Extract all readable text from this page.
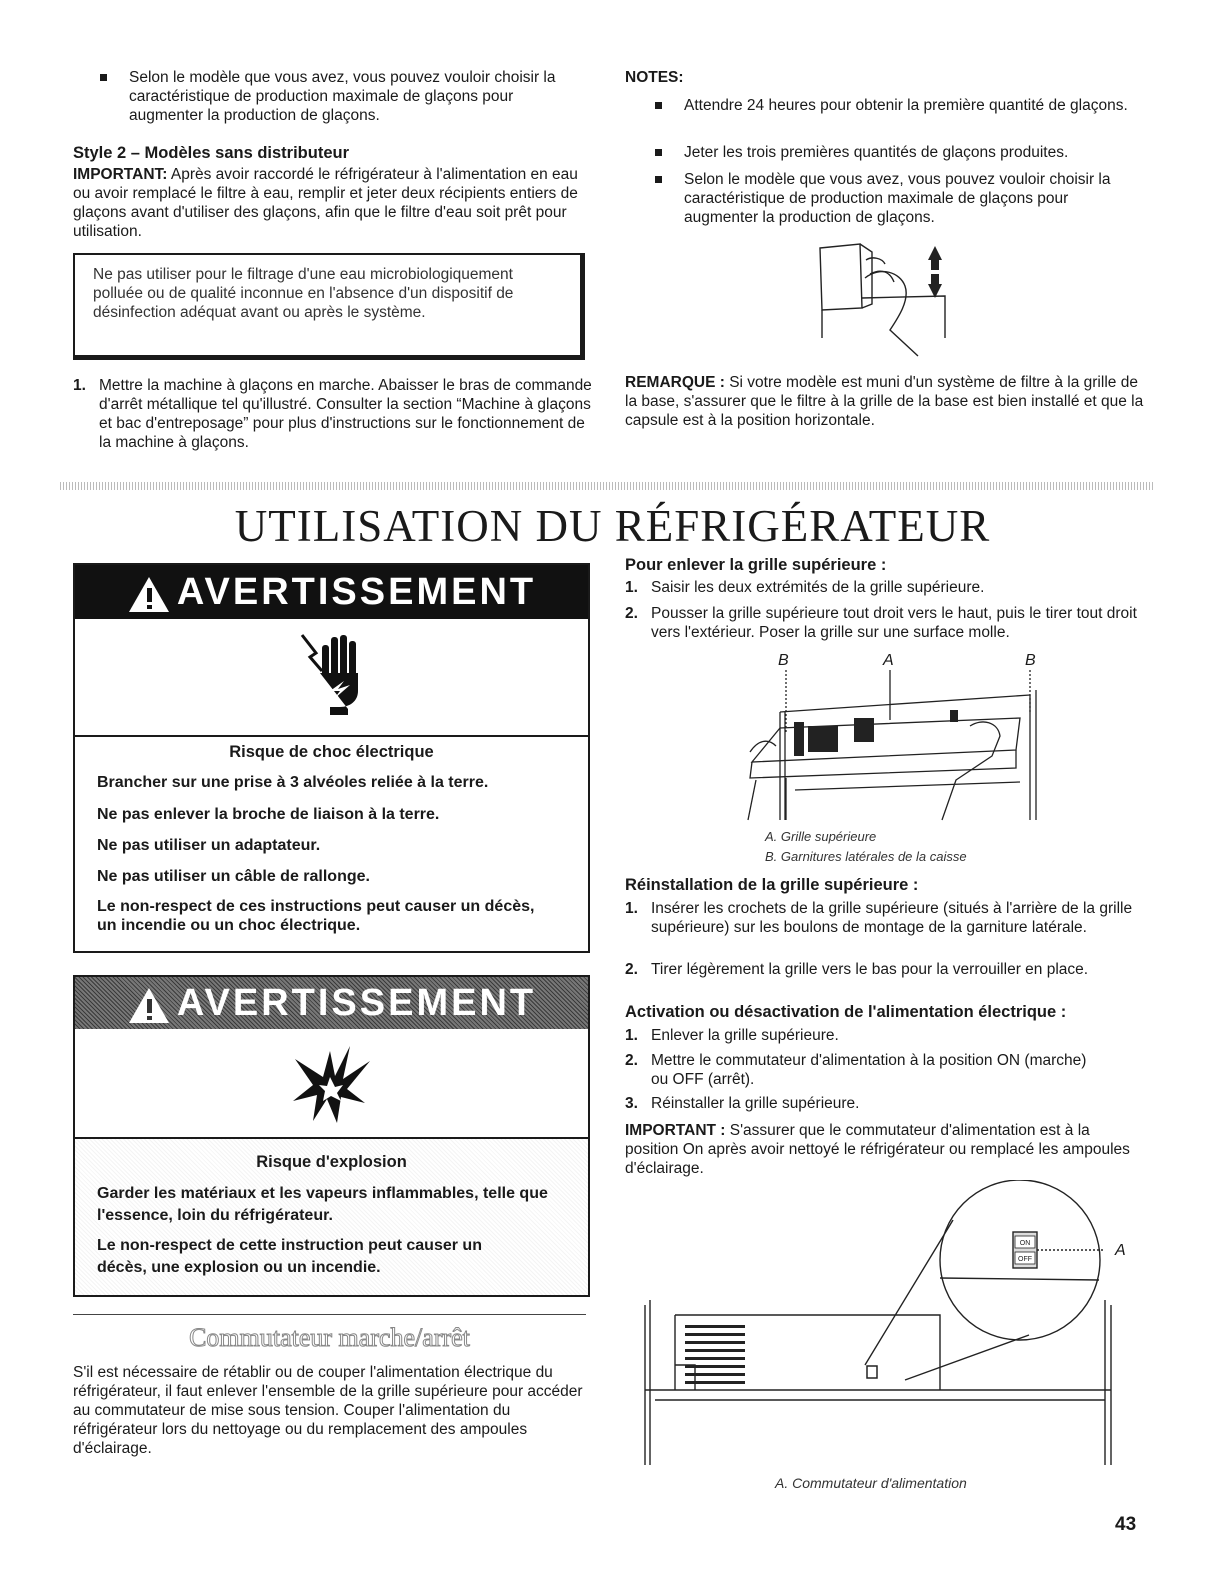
Selon le modèle que vous avez, vous pouvez vouloir choisir la caractéristique de production maximale de glaçons pour augmenter la production de glaçons.

Style 2 – Modèles sans distributeur

IMPORTANT: Après avoir raccordé le réfrigérateur à l'alimentation en eau ou avoir remplacé le filtre à eau, remplir et jeter deux récipients entiers de glaçons avant d'utiliser des glaçons, afin que le filtre d'eau soit prêt pour utilisation.

Ne pas utiliser pour le filtrage d'une eau microbiologiquement polluée ou de qualité inconnue en l'absence d'un dispositif de désinfection adéquat avant ou après le système.

1. Mettre la machine à glaçons en marche. Abaisser le bras de commande d'arrêt métallique tel qu'illustré. Consulter la section “Machine à glaçons et bac d'entreposage” pour plus d'instructions sur le fonctionnement de la machine à glaçons.

NOTES:

Attendre 24 heures pour obtenir la première quantité de glaçons.

Jeter les trois premières quantités de glaçons produites.

Selon le modèle que vous avez, vous pouvez vouloir choisir la caractéristique de production maximale de glaçons pour augmenter la production de glaçons.

REMARQUE : Si votre modèle est muni d'un système de filtre à la grille de la base, s'assurer que le filtre à la grille de la base est bien installé et que la capsule est à la position horizontale.

UTILISATION DU RÉFRIGÉRATEUR
AVERTISSEMENT
Risque de choc électrique
Brancher sur une prise à 3 alvéoles reliée à la terre.
Ne pas enlever la broche de liaison à la terre.
Ne pas utiliser un adaptateur.
Ne pas utiliser un câble de rallonge.
Le non-respect de ces instructions peut causer un décès, un incendie ou un choc électrique.
AVERTISSEMENT
Risque d'explosion
Garder les matériaux et les vapeurs inflammables, telle que l'essence, loin du réfrigérateur.
Le non-respect de cette instruction peut causer un décès, une explosion ou un incendie.
Commutateur marche/arrêt

S'il est nécessaire de rétablir ou de couper l'alimentation électrique du réfrigérateur, il faut enlever l'ensemble de la grille supérieure pour accéder au commutateur de mise sous tension. Couper l'alimentation du réfrigérateur lors du nettoyage ou du remplacement des ampoules d'éclairage.

Pour enlever la grille supérieure :
1. Saisir les deux extrémités de la grille supérieure.

2. Pousser la grille supérieure tout droit vers le haut, puis le tirer tout droit vers l'extérieur. Poser la grille sur une surface molle.

B	A	B
A. Grille supérieure
B. Garnitures latérales de la caisse
Réinstallation de la grille supérieure :
1. Insérer les crochets de la grille supérieure (situés à l'arrière de la grille supérieure) sur les boulons de montage de la garniture latérale.

2. Tirer légèrement la grille vers le bas pour la verrouiller en place.

Activation ou désactivation de l'alimentation électrique :
1. Enlever la grille supérieure.

2. Mettre le commutateur d'alimentation à la position ON (marche) ou OFF (arrêt).

3. Réinstaller la grille supérieure.

IMPORTANT : S'assurer que le commutateur d'alimentation est à la position On après avoir nettoyé le réfrigérateur ou remplacé les ampoules d'éclairage.

ON
OFF
A
A. Commutateur d'alimentation
43
